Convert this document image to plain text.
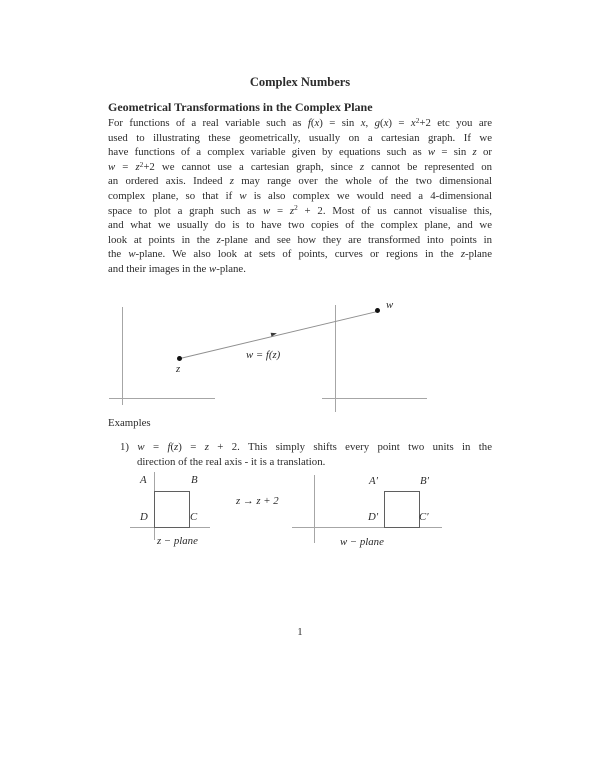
Complex Numbers
Geometrical Transformations in the Complex Plane
For functions of a real variable such as f(x) = sin x, $g(x) = x^2+2$ etc you are
used to illustrating these geometrically, usually on a cartesian graph. If we
have functions of a complex variable given by equations such as w = sin z or
$w = z^2+2$ we cannot use a cartesian graph, since z cannot be represented on
an ordered axis. Indeed z may range over the whole of the two dimensional
complex plane, so that if w is also complex we would need a 4-dimensional
space to plot a graph such as $w = z^2 + 2$. Most of us cannot visualise this,
and what we usually do is to have two copies of the complex plane, and we
look at points in the z-plane and see how they are transformed into points in
the w-plane. We also look at sets of points, curves or regions in the z-plane
and their images in the w-plane.
z
w
w = f(z)
Examples
1) w = f(z) = z + 2. This simply shifts every point two units in the
direction of the real axis - it is a translation.
A	B
D	C
z − plane
z → z + 2
A′	B′
D′	C′
w − plane
1
